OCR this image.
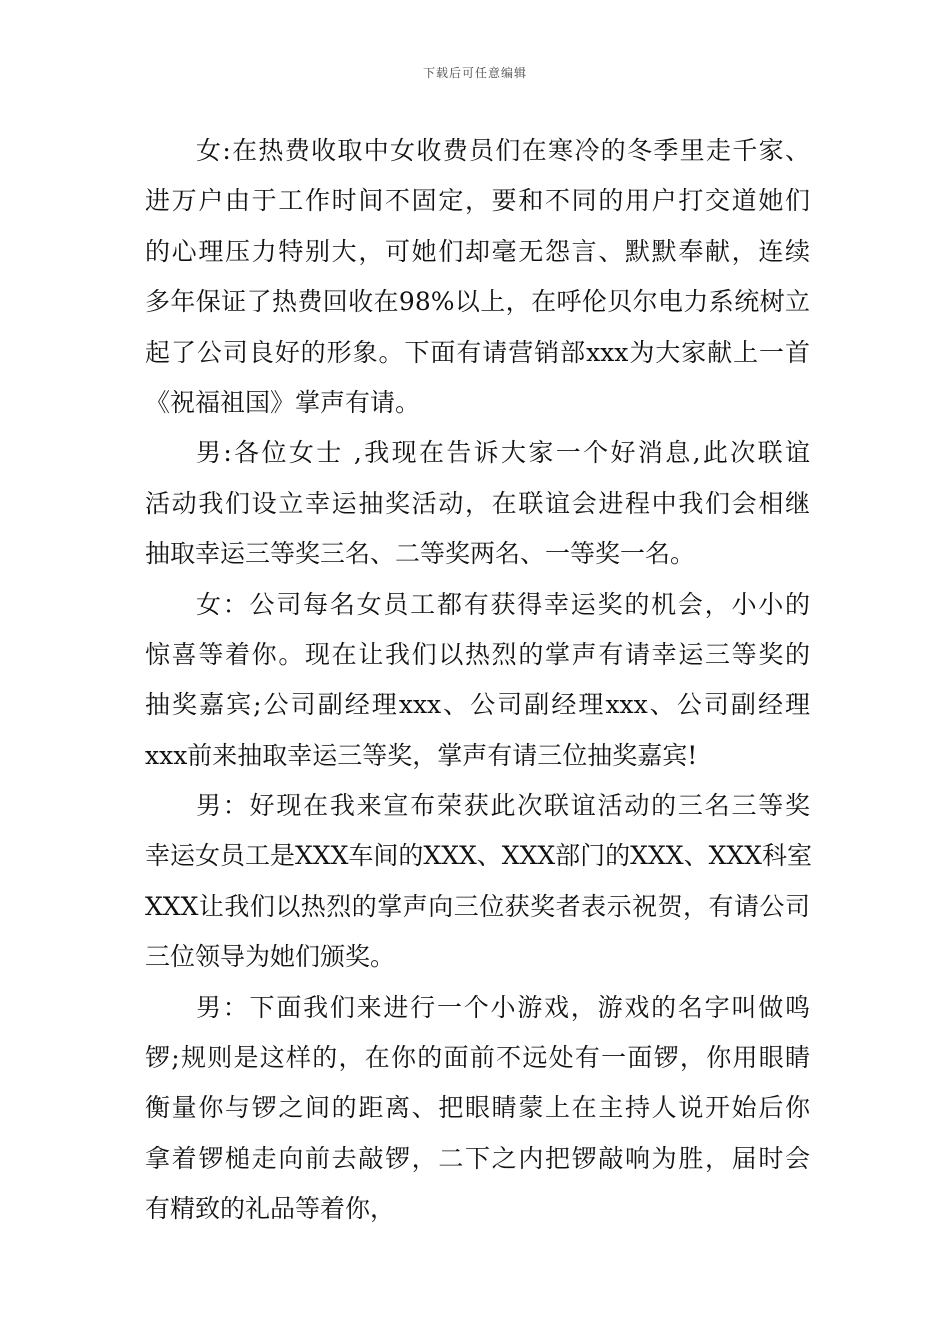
下载后可任意编辑
女:在热费收取中女收费员们在寒冷的冬季里走千家、
进万户由于工作时间不固定，要和不同的用户打交道她们
的心理压力特别大，可她们却毫无怨言、默默奉献，连续
多年保证了热费回收在98%以上，在呼伦贝尔电力系统树立
起了公司良好的形象。下面有请营销部xxx为大家献上一首
《祝福祖国》掌声有请。
男:各位女士 ,我现在告诉大家一个好消息,此次联谊
活动我们设立幸运抽奖活动，在联谊会进程中我们会相继
抽取幸运三等奖三名、二等奖两名、一等奖一名。
女：公司每名女员工都有获得幸运奖的机会，小小的
惊喜等着你。现在让我们以热烈的掌声有请幸运三等奖的
抽奖嘉宾;公司副经理xxx、公司副经理xxx、公司副经理
xxx前来抽取幸运三等奖，掌声有请三位抽奖嘉宾!
男：好现在我来宣布荣获此次联谊活动的三名三等奖
幸运女员工是XXX车间的XXX、XXX部门的XXX、XXX科室
XXX让我们以热烈的掌声向三位获奖者表示祝贺，有请公司
三位领导为她们颁奖。
男：下面我们来进行一个小游戏，游戏的名字叫做鸣
锣;规则是这样的，在你的面前不远处有一面锣，你用眼睛
衡量你与锣之间的距离、把眼睛蒙上在主持人说开始后你
拿着锣槌走向前去敲锣，二下之内把锣敲响为胜，届时会
有精致的礼品等着你，
